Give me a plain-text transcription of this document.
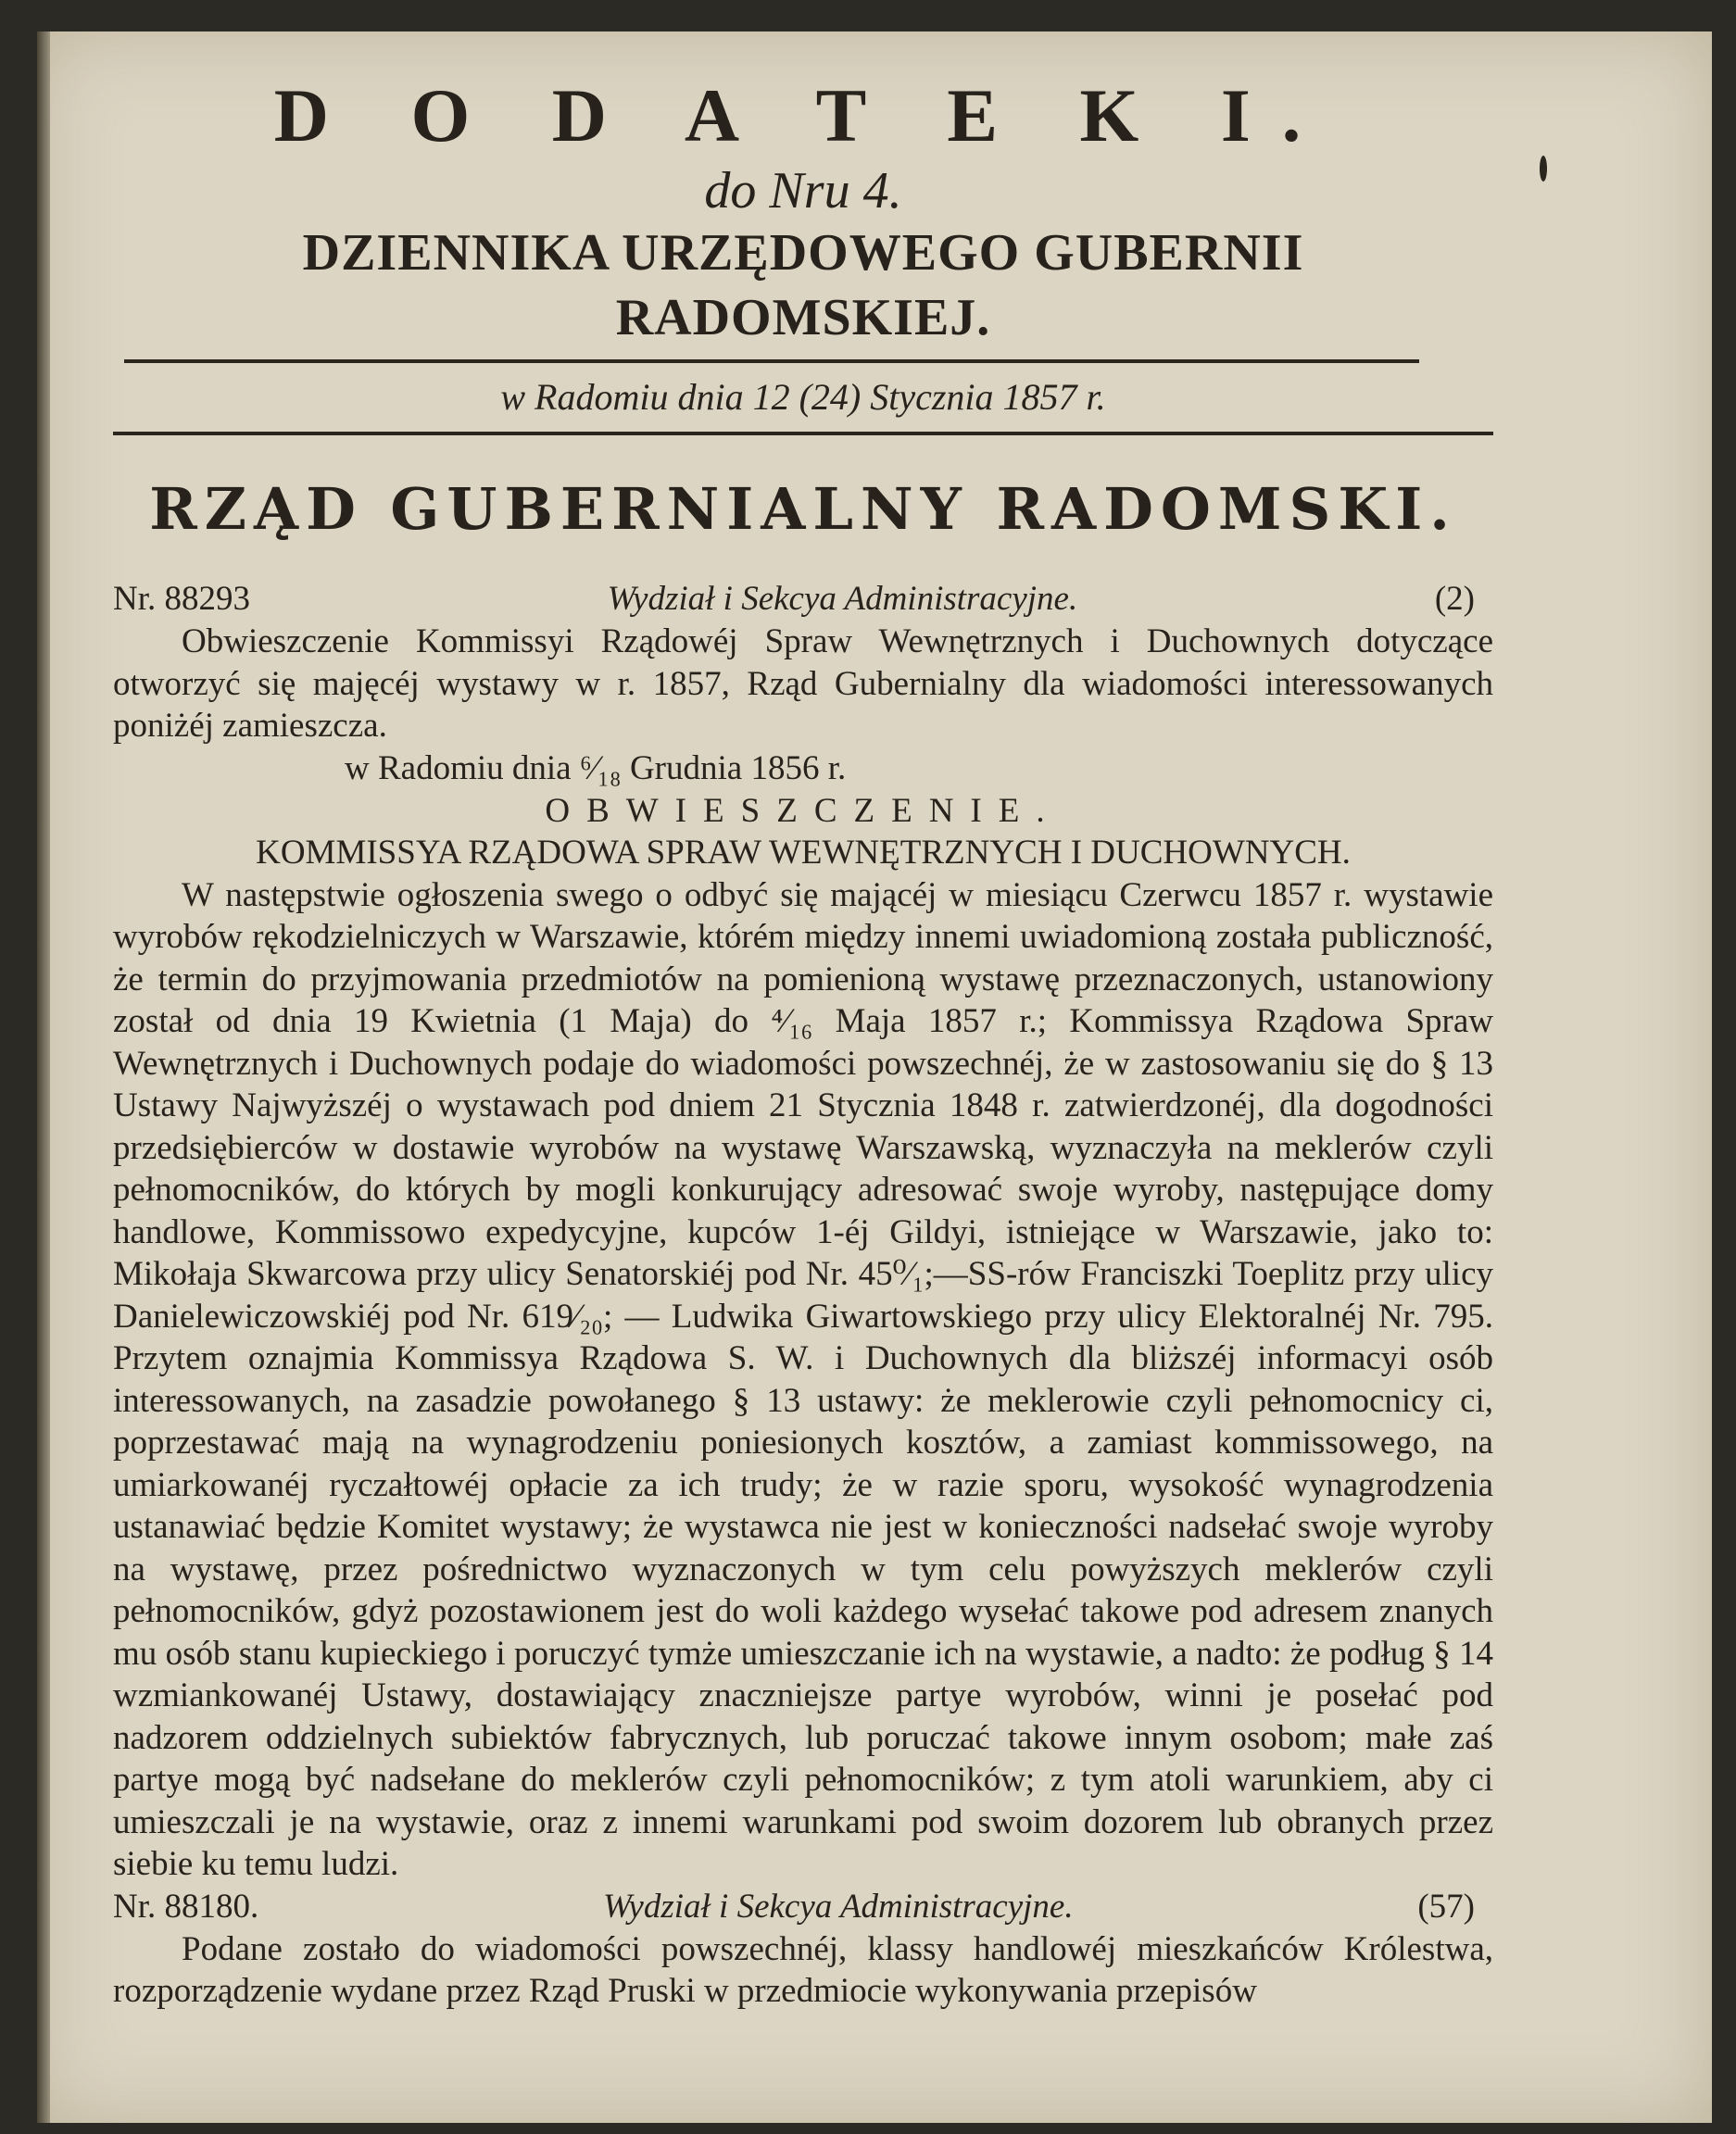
D O D A T E K I.
do Nru 4.
DZIENNIKA URZĘDOWEGO GUBERNII RADOMSKIEJ.
w Radomiu dnia 12 (24) Stycznia 1857 r.
RZĄD GUBERNIALNY RADOMSKI.
Nr. 88293	Wydział i Sekcya Administracyjne.	(2)

Obwieszczenie Kommissyi Rządowéj Spraw Wewnętrznych i Duchownych dotyczące otworzyć się majęcéj wystawy w r. 1857, Rząd Gubernialny dla wiadomości interessowanych poniżéj zamieszcza.

w Radomiu dnia ⁶⁄₁₈ Grudnia 1856 r.
OBWIESZCZENIE.
KOMMISSYA RZĄDOWA SPRAW WEWNĘTRZNYCH I DUCHOWNYCH.

W następstwie ogłoszenia swego o odbyć się mającéj w miesiącu Czerwcu 1857 r. wystawie wyrobów rękodzielniczych w Warszawie, którém między innemi uwiadomioną została publiczność, że termin do przyjmowania przedmiotów na pomienioną wystawę przeznaczonych, ustanowiony został od dnia 19 Kwietnia (1 Maja) do ⁴⁄₁₆ Maja 1857 r.; Kommissya Rządowa Spraw Wewnętrznych i Duchownych podaje do wiadomości powszechnéj, że w zastosowaniu się do § 13 Ustawy Najwyższéj o wystawach pod dniem 21 Stycznia 1848 r. zatwierdzonéj, dla dogodności przedsiębierców w dostawie wyrobów na wystawę Warszawską, wyznaczyła na meklerów czyli pełnomocników, do których by mogli konkurujący adresować swoje wyroby, następujące domy handlowe, Kommissowo expedycyjne, kupców 1-éj Gildyi, istniejące w Warszawie, jako to: Mikołaja Skwarcowa przy ulicy Senatorskiéj pod Nr. 45⁰⁄₁;—SS-rów Franciszki Toeplitz przy ulicy Danielewiczowskiéj pod Nr. 619⁄₂₀; — Ludwika Giwartowskiego przy ulicy Elektoralnéj Nr. 795. Przytem oznajmia Kommissya Rządowa S. W. i Duchownych dla bliższéj informacyi osób interessowanych, na zasadzie powołanego § 13 ustawy: że meklerowie czyli pełnomocnicy ci, poprzestawać mają na wynagrodzeniu poniesionych kosztów, a zamiast kommissowego, na umiarkowanéj ryczałtowéj opłacie za ich trudy; że w razie sporu, wysokość wynagrodzenia ustanawiać będzie Komitet wystawy; że wystawca nie jest w konieczności nadsełać swoje wyroby na wystawę, przez pośrednictwo wyznaczonych w tym celu powyższych meklerów czyli pełnomocników, gdyż pozostawionem jest do woli każdego wysełać takowe pod adresem znanych mu osób stanu kupieckiego i poruczyć tymże umieszczanie ich na wystawie, a nadto: że podług § 14 wzmiankowanéj Ustawy, dostawiający znaczniejsze partye wyrobów, winni je posełać pod nadzorem oddzielnych subiektów fabrycznych, lub poruczać takowe innym osobom; małe zaś partye mogą być nadsełane do meklerów czyli pełnomocników; z tym atoli warunkiem, aby ci umieszczali je na wystawie, oraz z innemi warunkami pod swoim dozorem lub obranych przez siebie ku temu ludzi.

Nr. 88180.	Wydział i Sekcya Administracyjne.	(57)

Podane zostało do wiadomości powszechnéj, klassy handlowéj mieszkańców Królestwa, rozporządzenie wydane przez Rząd Pruski w przedmiocie wykonywania przepisów
